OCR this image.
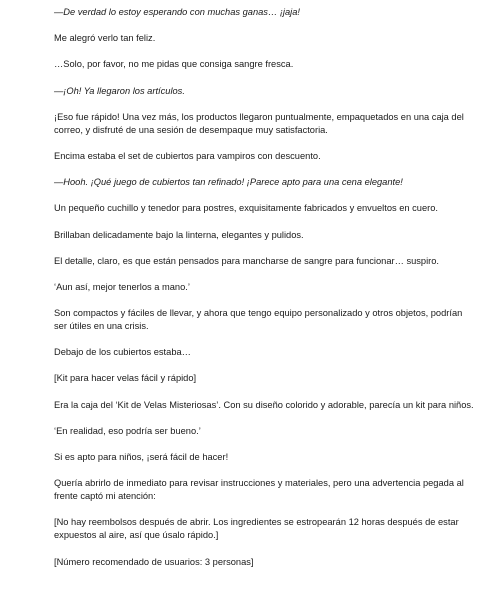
—De verdad lo estoy esperando con muchas ganas… ¡jaja!

Me alegró verlo tan feliz.

…Solo, por favor, no me pidas que consiga sangre fresca.

—¡Oh! Ya llegaron los artículos.

¡Eso fue rápido! Una vez más, los productos llegaron puntualmente, empaquetados en una caja del correo, y disfruté de una sesión de desempaque muy satisfactoria.

Encima estaba el set de cubiertos para vampiros con descuento.

—Hooh. ¡Qué juego de cubiertos tan refinado! ¡Parece apto para una cena elegante!

Un pequeño cuchillo y tenedor para postres, exquisitamente fabricados y envueltos en cuero.

Brillaban delicadamente bajo la linterna, elegantes y pulidos.

El detalle, claro, es que están pensados para mancharse de sangre para funcionar… suspiro.

‘Aun así, mejor tenerlos a mano.’

Son compactos y fáciles de llevar, y ahora que tengo equipo personalizado y otros objetos, podrían ser útiles en una crisis.

Debajo de los cubiertos estaba…

[Kit para hacer velas fácil y rápido]

Era la caja del ‘Kit de Velas Misteriosas’. Con su diseño colorido y adorable, parecía un kit para niños.

‘En realidad, eso podría ser bueno.’

Si es apto para niños, ¡será fácil de hacer!

Quería abrirlo de inmediato para revisar instrucciones y materiales, pero una advertencia pegada al frente captó mi atención:

[No hay reembolsos después de abrir. Los ingredientes se estropearán 12 horas después de estar expuestos al aire, así que úsalo rápido.]

[Número recomendado de usuarios: 3 personas]
